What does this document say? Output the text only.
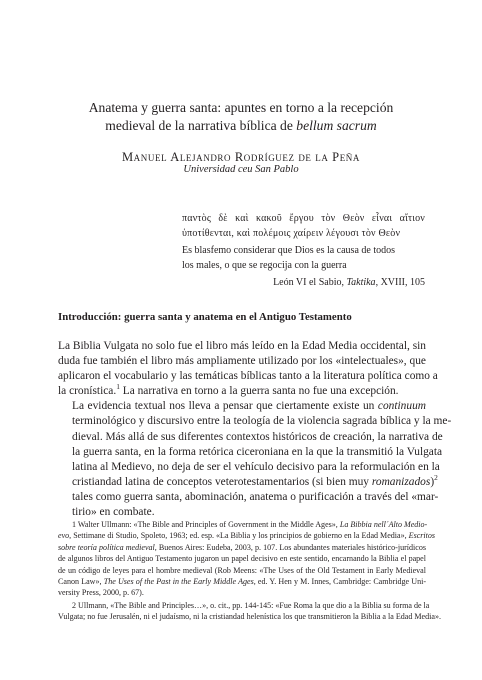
Anatema y guerra santa: apuntes en torno a la recepción
medieval de la narrativa bíblica de bellum sacrum
Manuel Alejandro Rodríguez de la Peña
Universidad ceu San Pablo
παντὸς δὲ καὶ κακοῦ ἔργου τὸν Θεὸν εἶναι αἴτιον ὑποτίθενται, καὶ πολέμοις χαίρειν λέγουσι τὸν Θεὸν
Es blasfemo considerar que Dios es la causa de todos
los males, o que se regocija con la guerra
León VI el Sabio, Taktika, XVIII, 105
Introducción: guerra santa y anatema en el Antiguo Testamento

La Biblia Vulgata no solo fue el libro más leído en la Edad Media occidental, sin
duda fue también el libro más ampliamente utilizado por los «intelectuales», que
aplicaron el vocabulario y las temáticas bíblicas tanto a la literatura política como a
la cronística.$^1$ La narrativa en torno a la guerra santa no fue una excepción.

La evidencia textual nos lleva a pensar que ciertamente existe un continuum
terminológico y discursivo entre la teología de la violencia sagrada bíblica y la me-
dieval. Más allá de sus diferentes contextos históricos de creación, la narrativa de
la guerra santa, en la forma retórica ciceroniana en la que la transmitió la Vulgata
latina al Medievo, no deja de ser el vehículo decisivo para la reformulación en la
cristiandad latina de conceptos veterotestamentarios (si bien muy romanizados)$^2$
tales como guerra santa, abominación, anatema o purificación a través del «mar-
tirio» en combate.

1 Walter Ullmann: «The Bible and Principles of Government in the Middle Ages», La Bibbia nell´Alto Medio-
evo, Settimane di Studio, Spoleto, 1963; ed. esp. «La Biblia y los principios de gobierno en la Edad Media», Escritos
sobre teoría política medieval, Buenos Aires: Eudeba, 2003, p. 107. Los abundantes materiales histórico-jurídicos
de algunos libros del Antiguo Testamento jugaron un papel decisivo en este sentido, encarnando la Biblia el papel
de un código de leyes para el hombre medieval (Rob Meens: «The Uses of the Old Testament in Early Medieval
Canon Law», The Uses of the Past in the Early Middle Ages, ed. Y. Hen y M. Innes, Cambridge: Cambridge Uni-
versity Press, 2000, p. 67).
2 Ullmann, «The Bible and Principles…», o. cit., pp. 144-145: «Fue Roma la que dio a la Biblia su forma de la
Vulgata; no fue Jerusalén, ni el judaísmo, ni la cristiandad helenística los que transmitieron la Biblia a la Edad Media».
